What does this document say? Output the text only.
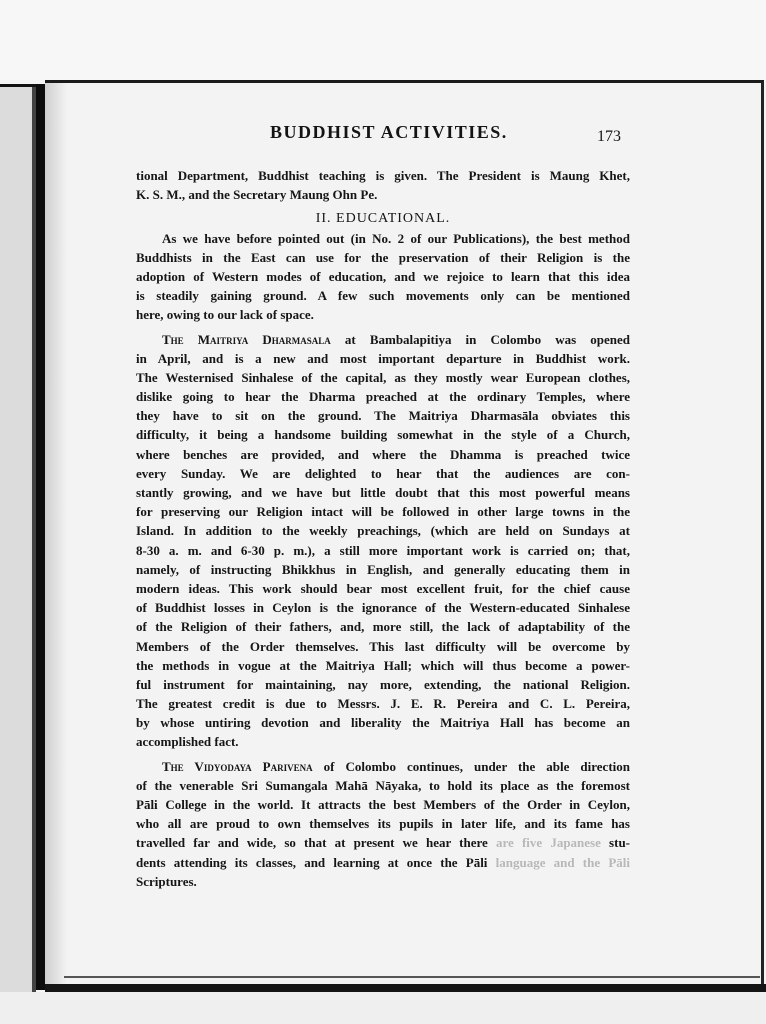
BUDDHIST ACTIVITIES.	173
tional Department, Buddhist teaching is given. The President is Maung Khet,
K. S. M., and the Secretary Maung Ohn Pe.
II. EDUCATIONAL.
As we have before pointed out (in No. 2 of our Publications), the best method
Buddhists in the East can use for the preservation of their Religion is the
adoption of Western modes of education, and we rejoice to learn that this idea
is steadily gaining ground. A few such movements only can be mentioned
here, owing to our lack of space.
The Maitriya Dharmasala at Bambalapitiya in Colombo was opened
in April, and is a new and most important departure in Buddhist work.
The Westernised Sinhalese of the capital, as they mostly wear European clothes,
dislike going to hear the Dharma preached at the ordinary Temples, where
they have to sit on the ground. The Maitriya Dharmasāla obviates this
difficulty, it being a handsome building somewhat in the style of a Church,
where benches are provided, and where the Dhamma is preached twice
every Sunday. We are delighted to hear that the audiences are con-
stantly growing, and we have but little doubt that this most powerful means
for preserving our Religion intact will be followed in other large towns in the
Island. In addition to the weekly preachings, (which are held on Sundays at
8-30 a. m. and 6-30 p. m.), a still more important work is carried on; that,
namely, of instructing Bhikkhus in English, and generally educating them in
modern ideas. This work should bear most excellent fruit, for the chief cause
of Buddhist losses in Ceylon is the ignorance of the Western-educated Sinhalese
of the Religion of their fathers, and, more still, the lack of adaptability of the
Members of the Order themselves. This last difficulty will be overcome by
the methods in vogue at the Maitriya Hall; which will thus become a power-
ful instrument for maintaining, nay more, extending, the national Religion.
The greatest credit is due to Messrs. J. E. R. Pereira and C. L. Pereira,
by whose untiring devotion and liberality the Maitriya Hall has become an
accomplished fact.
The Vidyodaya Parivena of Colombo continues, under the able direction
of the venerable Sri Sumangala Mahā Nāyaka, to hold its place as the foremost
Pāli College in the world. It attracts the best Members of the Order in Ceylon,
who all are proud to own themselves its pupils in later life, and its fame has
travelled far and wide, so that at present we hear there are five Japanese stu-
dents attending its classes, and learning at once the Pāli language and the Pāli
Scriptures.
